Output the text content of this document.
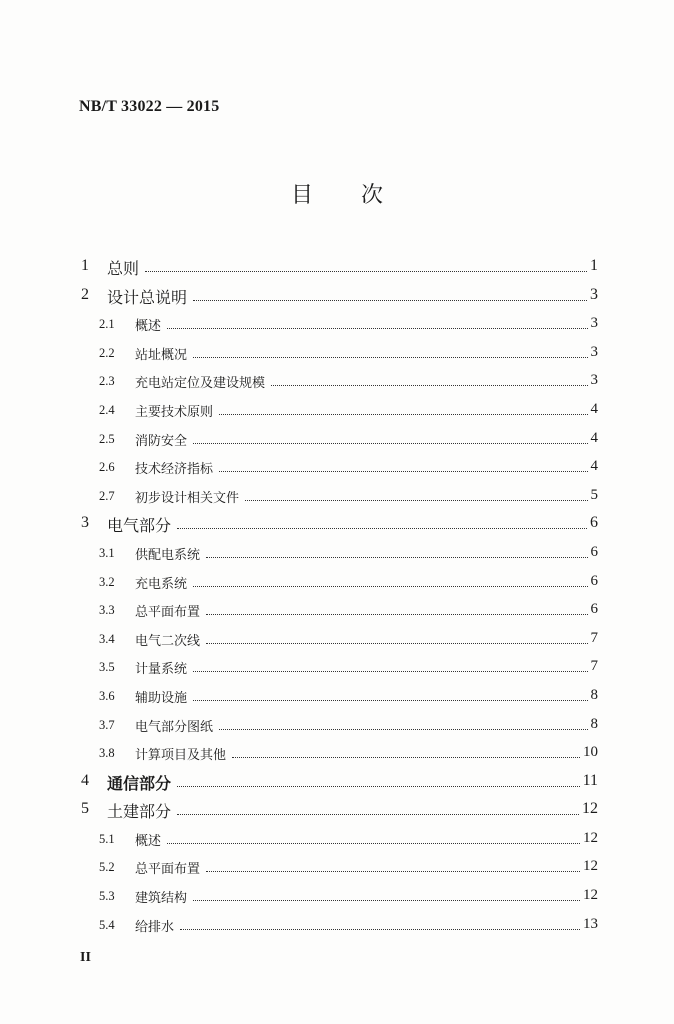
NB/T 33022 — 2015
目次
1 总则	1
2 设计总说明	3
2.1 概述	3
2.2 站址概况	3
2.3 充电站定位及建设规模	3
2.4 主要技术原则	4
2.5 消防安全	4
2.6 技术经济指标	4
2.7 初步设计相关文件	5
3 电气部分	6
3.1 供配电系统	6
3.2 充电系统	6
3.3 总平面布置	6
3.4 电气二次线	7
3.5 计量系统	7
3.6 辅助设施	8
3.7 电气部分图纸	8
3.8 计算项目及其他	10
4 通信部分	11
5 土建部分	12
5.1 概述	12
5.2 总平面布置	12
5.3 建筑结构	12
5.4 给排水	13
II
